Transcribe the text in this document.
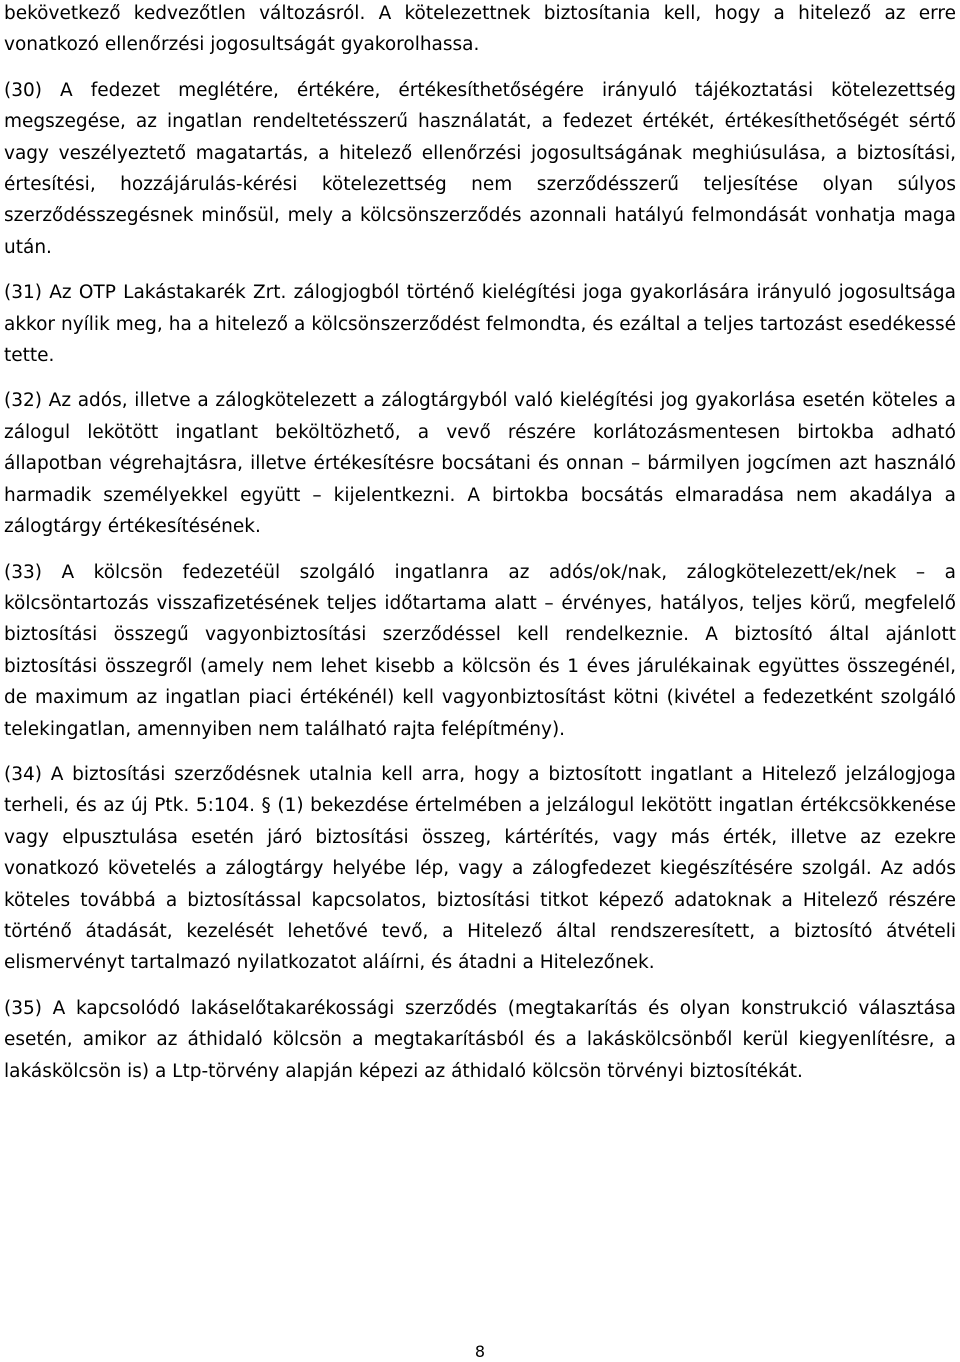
bekövetkező kedvezőtlen változásról. A kötelezettnek biztosítania kell, hogy a hitelező az erre vonatkozó ellenőrzési jogosultságát gyakorolhassa.

(30) A fedezet meglétére, értékére, értékesíthetőségére irányuló tájékoztatási kötelezettség megszegése, az ingatlan rendeltetésszerű használatát, a fedezet értékét, értékesíthetőségét sértő vagy veszélyeztető magatartás, a hitelező ellenőrzési jogosultságának meghiúsulása, a biztosítási, értesítési, hozzájárulás-kérési kötelezettség nem szerződésszerű teljesítése olyan súlyos szerződésszegésnek minősül, mely a kölcsönszerződés azonnali hatályú felmondását vonhatja maga után.

(31) Az OTP Lakástakarék Zrt. zálogjogból történő kielégítési joga gyakorlására irányuló jogosultsága akkor nyílik meg, ha a hitelező a kölcsönszerződést felmondta, és ezáltal a teljes tartozást esedékessé tette.

(32) Az adós, illetve a zálogkötelezett a zálogtárgyból való kielégítési jog gyakorlása esetén köteles a zálogul lekötött ingatlant beköltözhető, a vevő részére korlátozásmentesen birtokba adható állapotban végrehajtásra, illetve értékesítésre bocsátani és onnan – bármilyen jogcímen azt használó harmadik személyekkel együtt – kijelentkezni. A birtokba bocsátás elmaradása nem akadálya a zálogtárgy értékesítésének.

(33) A kölcsön fedezetéül szolgáló ingatlanra az adós/ok/nak, zálogkötelezett/ek/nek – a kölcsöntartozás visszafizetésének teljes időtartama alatt – érvényes, hatályos, teljes körű, megfelelő biztosítási összegű vagyonbiztosítási szerződéssel kell rendelkeznie. A biztosító által ajánlott biztosítási összegről (amely nem lehet kisebb a kölcsön és 1 éves járulékainak együttes összegénél, de maximum az ingatlan piaci értékénél) kell vagyonbiztosítást kötni (kivétel a fedezetként szolgáló telekingatlan, amennyiben nem található rajta felépítmény).

(34) A biztosítási szerződésnek utalnia kell arra, hogy a biztosított ingatlant a Hitelező jelzálogjoga terheli, és az új Ptk. 5:104. § (1) bekezdése értelmében a jelzálogul lekötött ingatlan értékcsökkenése vagy elpusztulása esetén járó biztosítási összeg, kártérítés, vagy más érték, illetve az ezekre vonatkozó követelés a zálogtárgy helyébe lép, vagy a zálogfedezet kiegészítésére szolgál. Az adós köteles továbbá a biztosítással kapcsolatos, biztosítási titkot képező adatoknak a Hitelező részére történő átadását, kezelését lehetővé tevő, a Hitelező által rendszeresített, a biztosító átvételi elismervényt tartalmazó nyilatkozatot aláírni, és átadni a Hitelezőnek.

(35) A kapcsolódó lakáselőtakarékossági szerződés (megtakarítás és olyan konstrukció választása esetén, amikor az áthidaló kölcsön a megtakarításból és a lakáskölcsönből kerül kiegyenlítésre, a lakáskölcsön is) a Ltp-törvény alapján képezi az áthidaló kölcsön törvényi biztosítékát.

8
